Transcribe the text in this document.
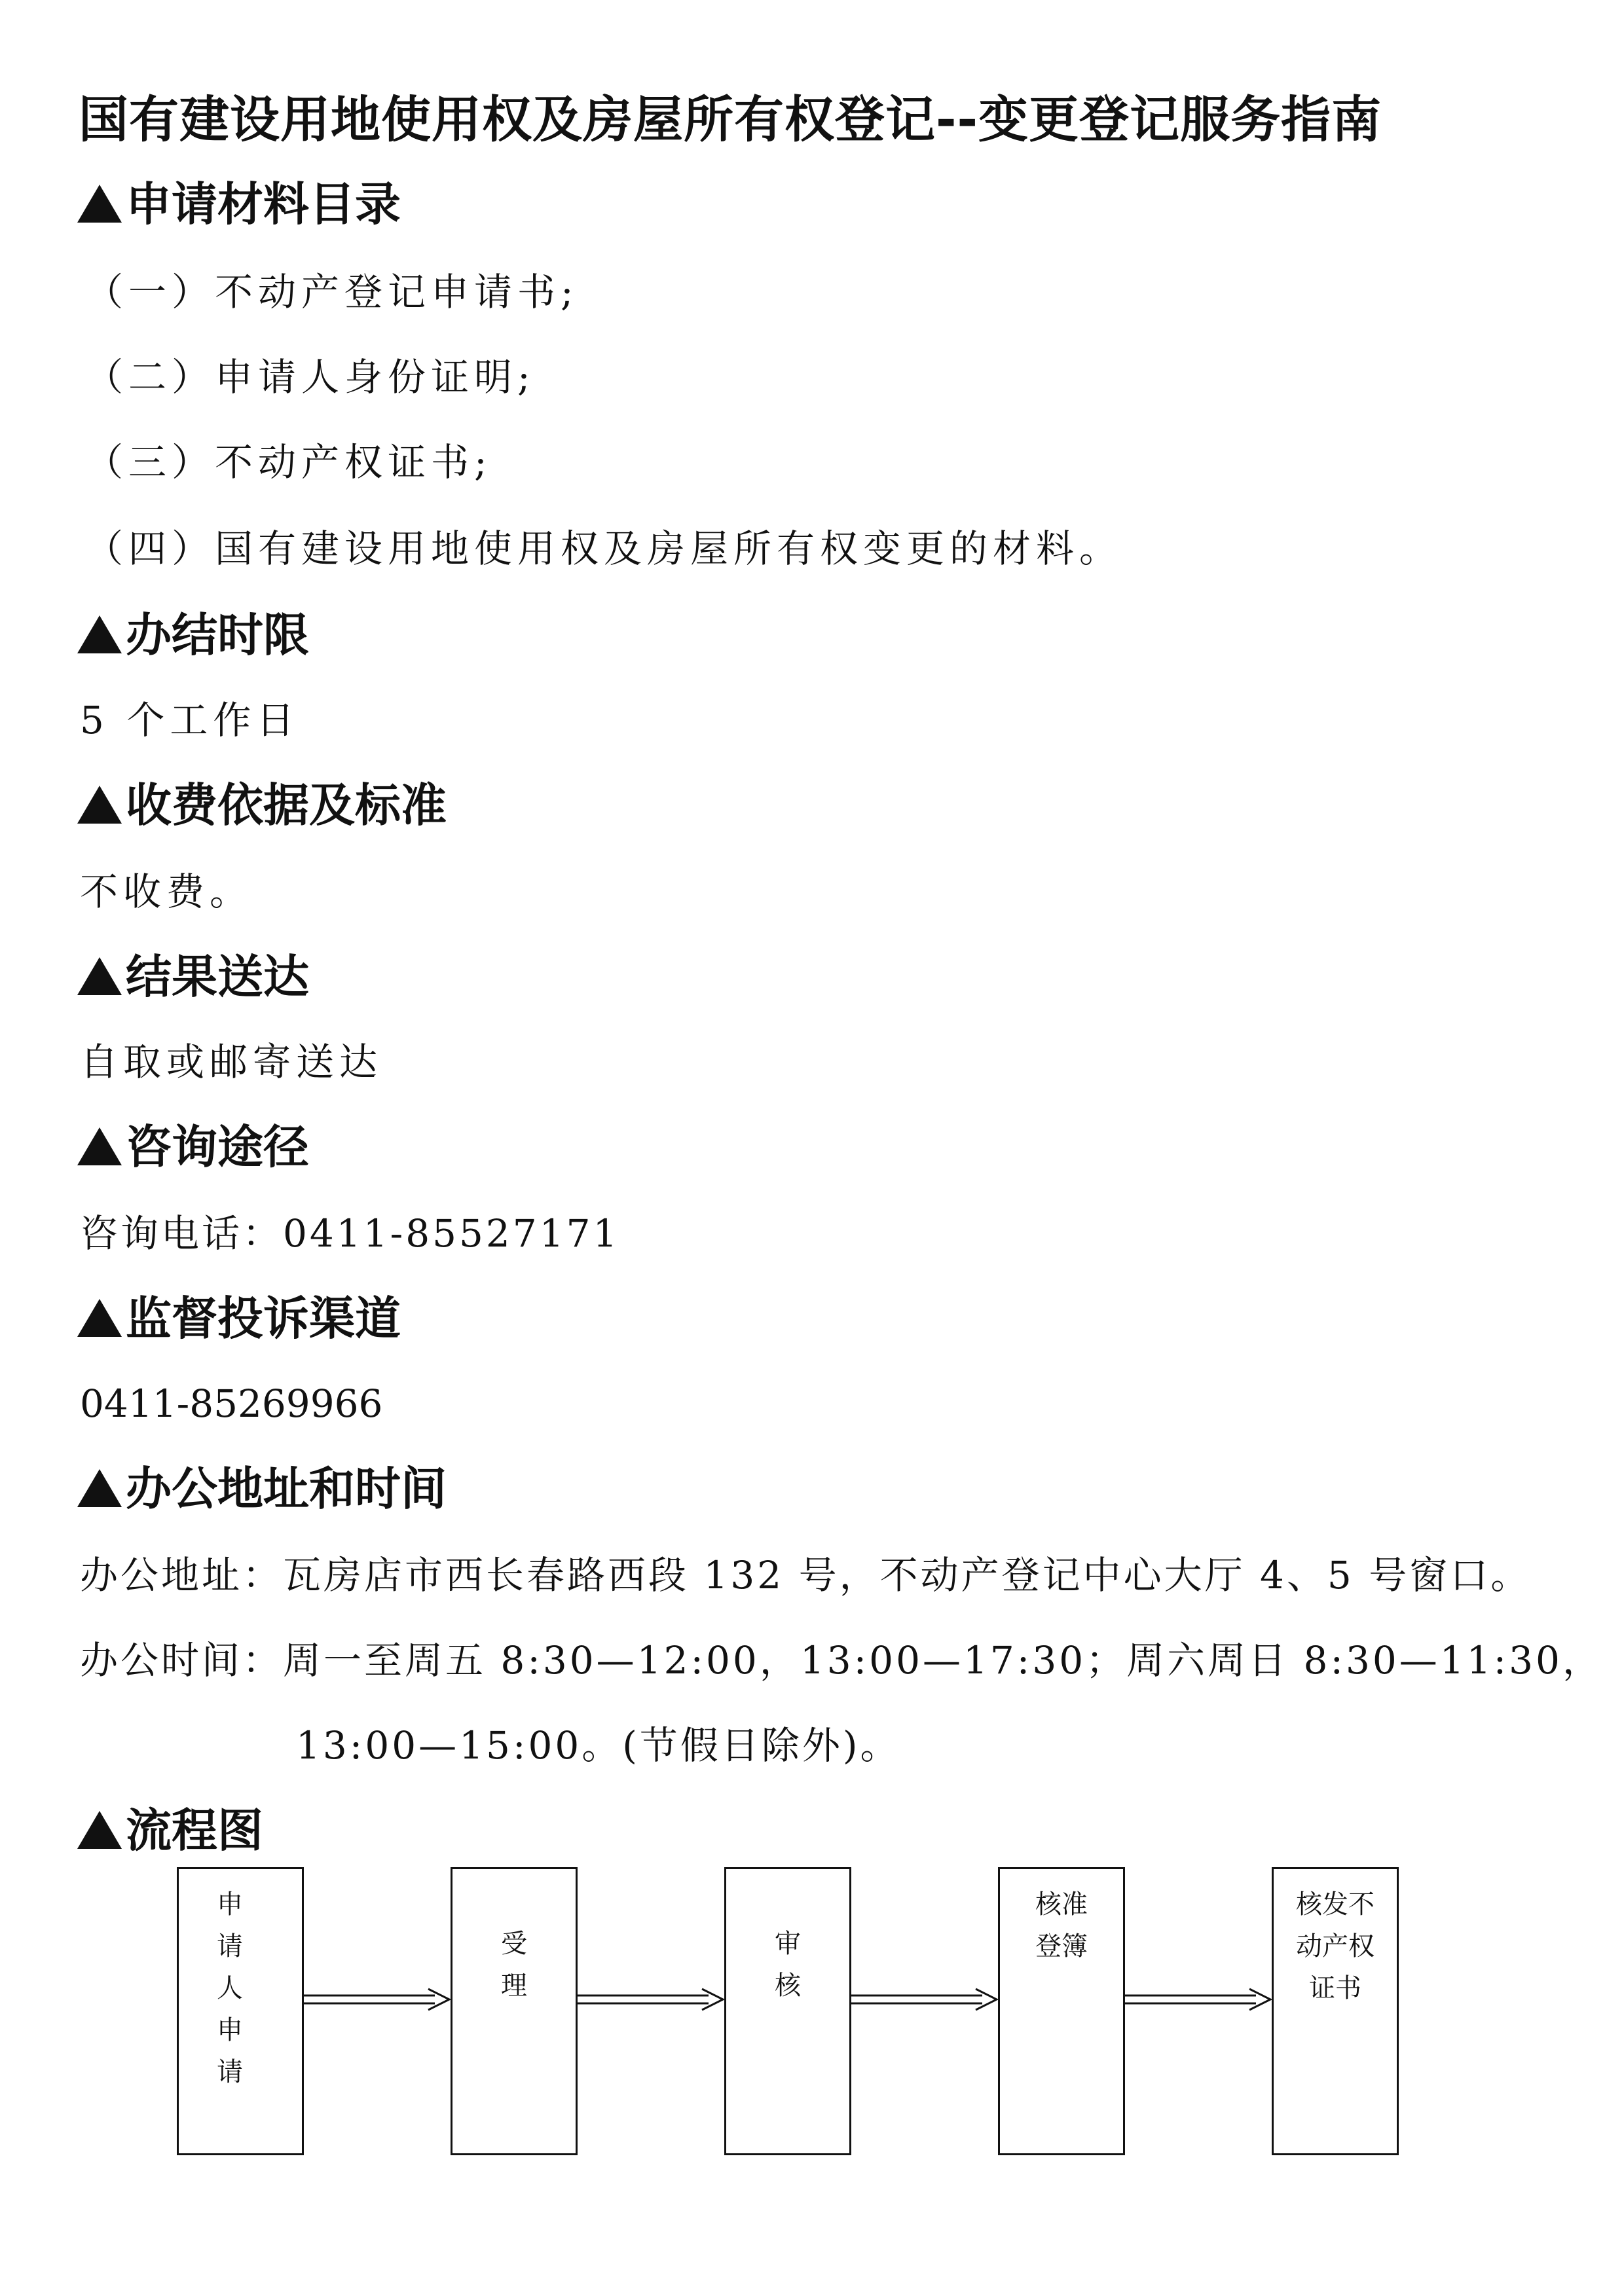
国有建设用地使用权及房屋所有权登记--变更登记服务指南
申请材料目录
（一）不动产登记申请书;
（二）申请人身份证明;
（三）不动产权证书;
（四）国有建设用地使用权及房屋所有权变更的材料。
办结时限
5 个工作日
收费依据及标准
不收费。
结果送达
自取或邮寄送达
咨询途径
咨询电话：0411-85527171
监督投诉渠道
0411-85269966
办公地址和时间
办公地址：瓦房店市西长春路西段 132 号，不动产登记中心大厅 4、5 号窗口。
办公时间：周一至周五 8:30—12:00，13:00—17:30；周六周日 8:30—11:30，
13:00—15:00。(节假日除外)。
流程图
申
请
人
申
请
受
理
审
核
核准
登簿
核发不
动产权
证书
